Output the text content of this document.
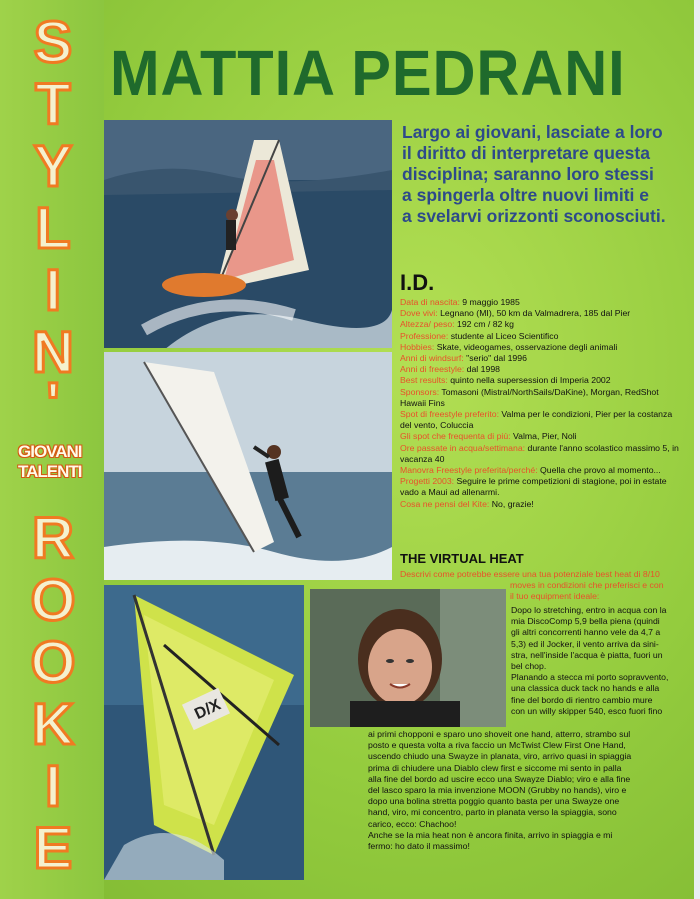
S
T
Y
L
I
N
'
GIOVANI
TALENTI
R
O
O
K
I
E
MATTIA PEDRANI
D/X
Largo ai giovani, lasciate a loro
il diritto di interpretare questa
disciplina; saranno loro stessi
a spingerla oltre nuovi limiti e
a svelarvi orizzonti sconosciuti.
I.D.
Data di nascita: 9 maggio 1985
Dove vivi: Legnano (MI), 50 km da Valmadrera, 185 dal Pier
Altezza/ peso: 192 cm / 82 kg
Professione: studente al Liceo Scientifico
Hobbies: Skate, videogames, osservazione degli animali
Anni di windsurf: "serio" dal 1996
Anni di freestyle: dal 1998
Best results: quinto nella supersession di Imperia 2002
Sponsors: Tomasoni (Mistral/NorthSails/DaKine), Morgan, RedShot Hawaii Fins
Spot di freestyle preferito: Valma per le condizioni, Pier per la costanza del vento, Coluccia
Gli spot che frequenta di più: Valma, Pier, Noli
Ore passate in acqua/settimana: durante l'anno scolastico massimo 5, in vacanza 40
Manovra Freestyle preferita/perché: Quella che provo al momento...
Progetti 2003: Seguire le prime competizioni di stagione, poi in estate vado a Maui ad allenarmi.
Cosa ne pensi del Kite: No, grazie!
THE VIRTUAL HEAT
Descrivi come potrebbe essere una tua potenziale best heat di 8/10
moves in condizioni che preferisci e con
il tuo equipment ideale:
Dopo lo stretching, entro in acqua con la
mia DiscoComp 5,9 bella piena (quindi
gli altri concorrenti hanno vele da 4,7 a
5,3) ed il Jocker, il vento arriva da sini-
stra, nell'inside l'acqua è piatta, fuori un
bel chop.
Planando a stecca mi porto sopravvento,
una classica duck tack no hands e alla
fine del bordo di rientro cambio mure
con un willy skipper 540, esco fuori fino
ai primi chopponi e sparo uno shoveit one hand, atterro, strambo sul
posto e questa volta a riva faccio un McTwist Clew First One Hand,
uscendo chiudo una Swayze in planata, viro, arrivo quasi in spiaggia
prima di chiudere una Diablo clew first e siccome mi sento in palla
alla fine del bordo ad uscire ecco una Swayze Diablo; viro e alla fine
del lasco sparo la mia invenzione MOON (Grubby no hands), viro e
dopo una bolina stretta poggio quanto basta per una Swayze one
hand, viro, mi concentro, parto in planata verso la spiaggia, sono
carico, ecco: Chachoo!
Anche se la mia heat non è ancora finita, arrivo in spiaggia e mi
fermo: ho dato il massimo!
